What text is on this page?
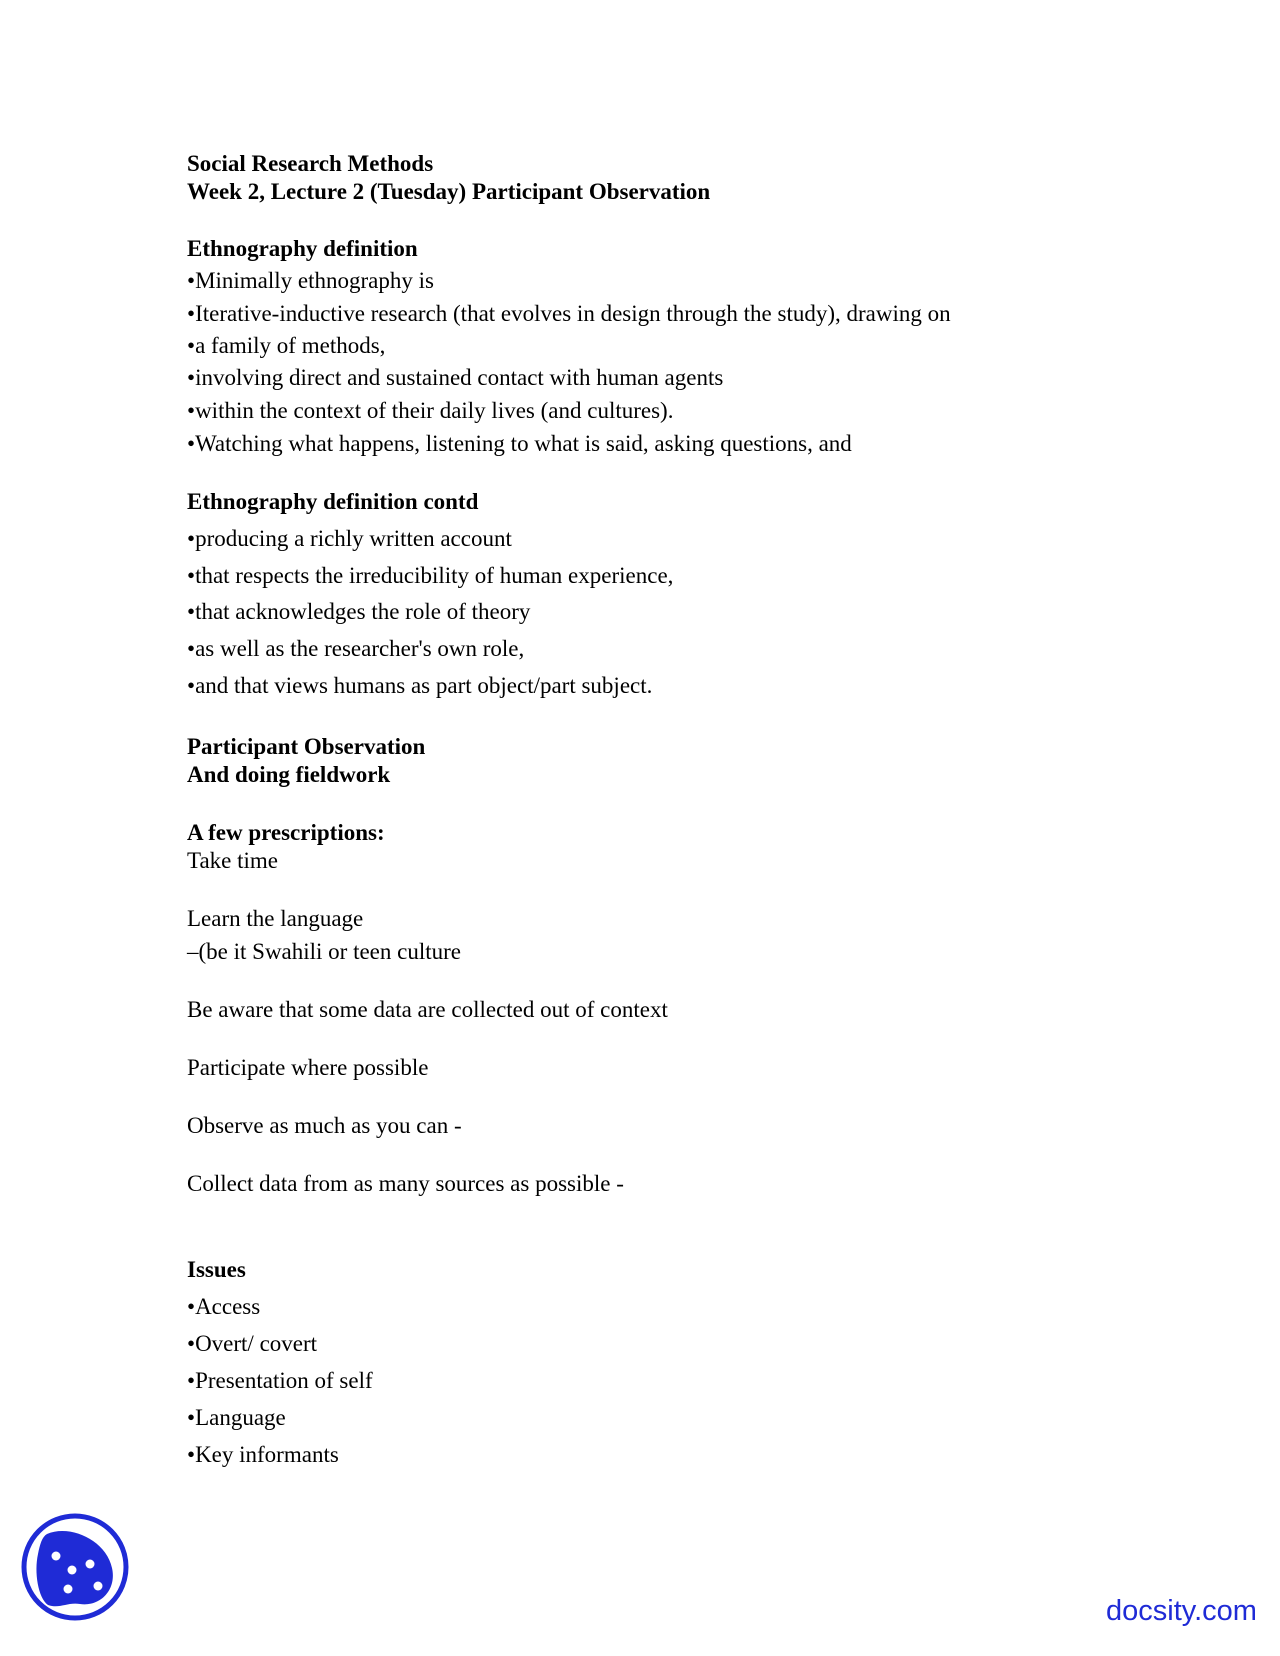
Social Research Methods
Week 2, Lecture 2 (Tuesday) Participant Observation
Ethnography definition
•Minimally ethnography is
•Iterative-inductive research (that evolves in design through the study), drawing on
•a family of methods,
•involving direct and sustained contact with human agents
•within the context of their daily lives (and cultures).
•Watching what happens, listening to what is said, asking questions, and
Ethnography definition contd
•producing a richly written account
•that respects the irreducibility of human experience,
•that acknowledges the role of theory
•as well as the researcher's own role,
•and that views humans as part object/part subject.
Participant Observation
And doing fieldwork
A few prescriptions:
Take time
Learn the language
–(be it Swahili or teen culture
Be aware that some data are collected out of context
Participate where possible
Observe as much as you can -
Collect data from as many sources as possible -
Issues
•Access
•Overt/ covert
•Presentation of self
•Language
•Key informants
docsity.com
